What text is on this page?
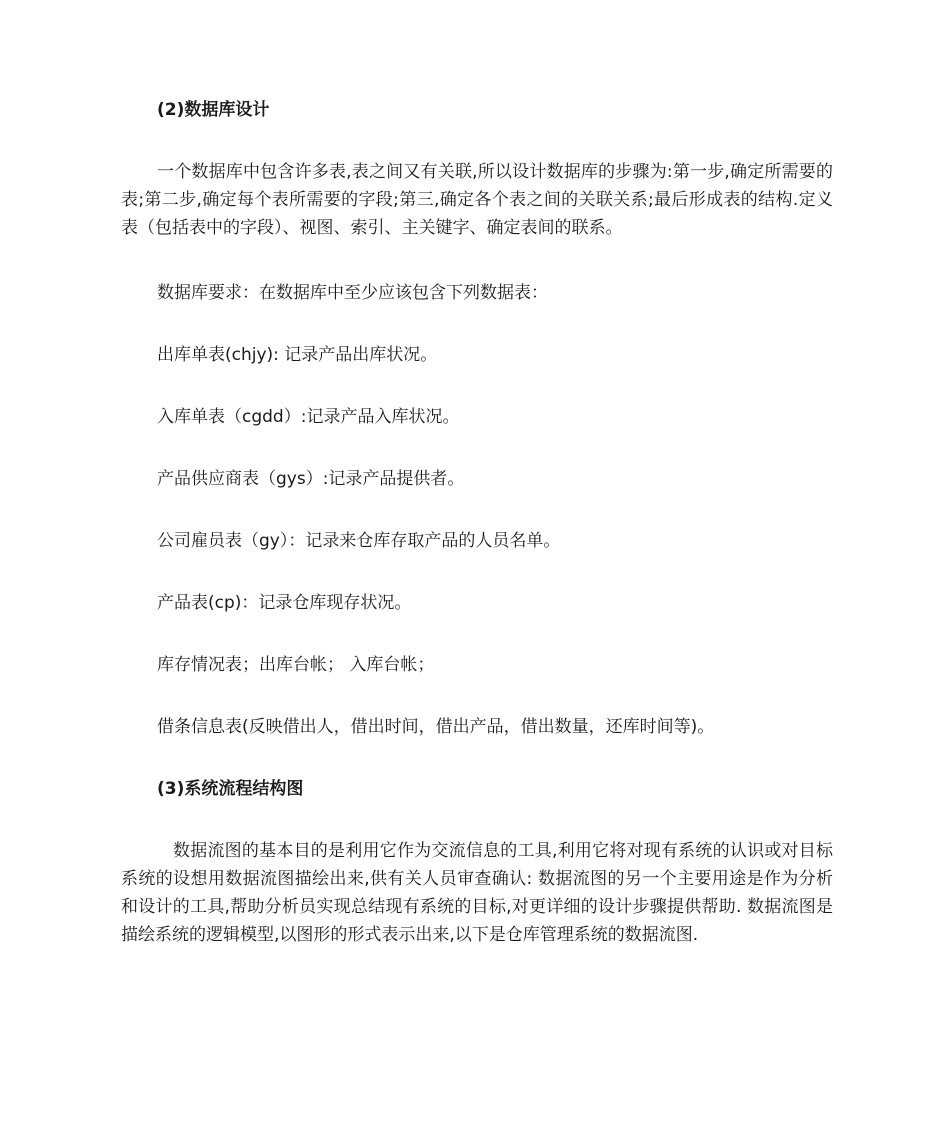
(2)数据库设计
一个数据库中包含许多表,表之间又有关联,所以设计数据库的步骤为:第一步,确定所需要的表;第二步,确定每个表所需要的字段;第三,确定各个表之间的关联关系;最后形成表的结构.定义表（包括表中的字段）、视图、索引、主关键字、确定表间的联系。
数据库要求：在数据库中至少应该包含下列数据表：
出库单表(chjy): 记录产品出库状况。
入库单表（cgdd）:记录产品入库状况。
产品供应商表（gys）:记录产品提供者。
公司雇员表（gy）：记录来仓库存取产品的人员名单。
产品表(cp)：记录仓库现存状况。
库存情况表；出库台帐； 入库台帐；
借条信息表(反映借出人，借出时间，借出产品，借出数量，还库时间等)。
(3)系统流程结构图
数据流图的基本目的是利用它作为交流信息的工具,利用它将对现有系统的认识或对目标系统的设想用数据流图描绘出来,供有关人员审查确认: 数据流图的另一个主要用途是作为分析和设计的工具,帮助分析员实现总结现有系统的目标,对更详细的设计步骤提供帮助. 数据流图是描绘系统的逻辑模型,以图形的形式表示出来,以下是仓库管理系统的数据流图.
